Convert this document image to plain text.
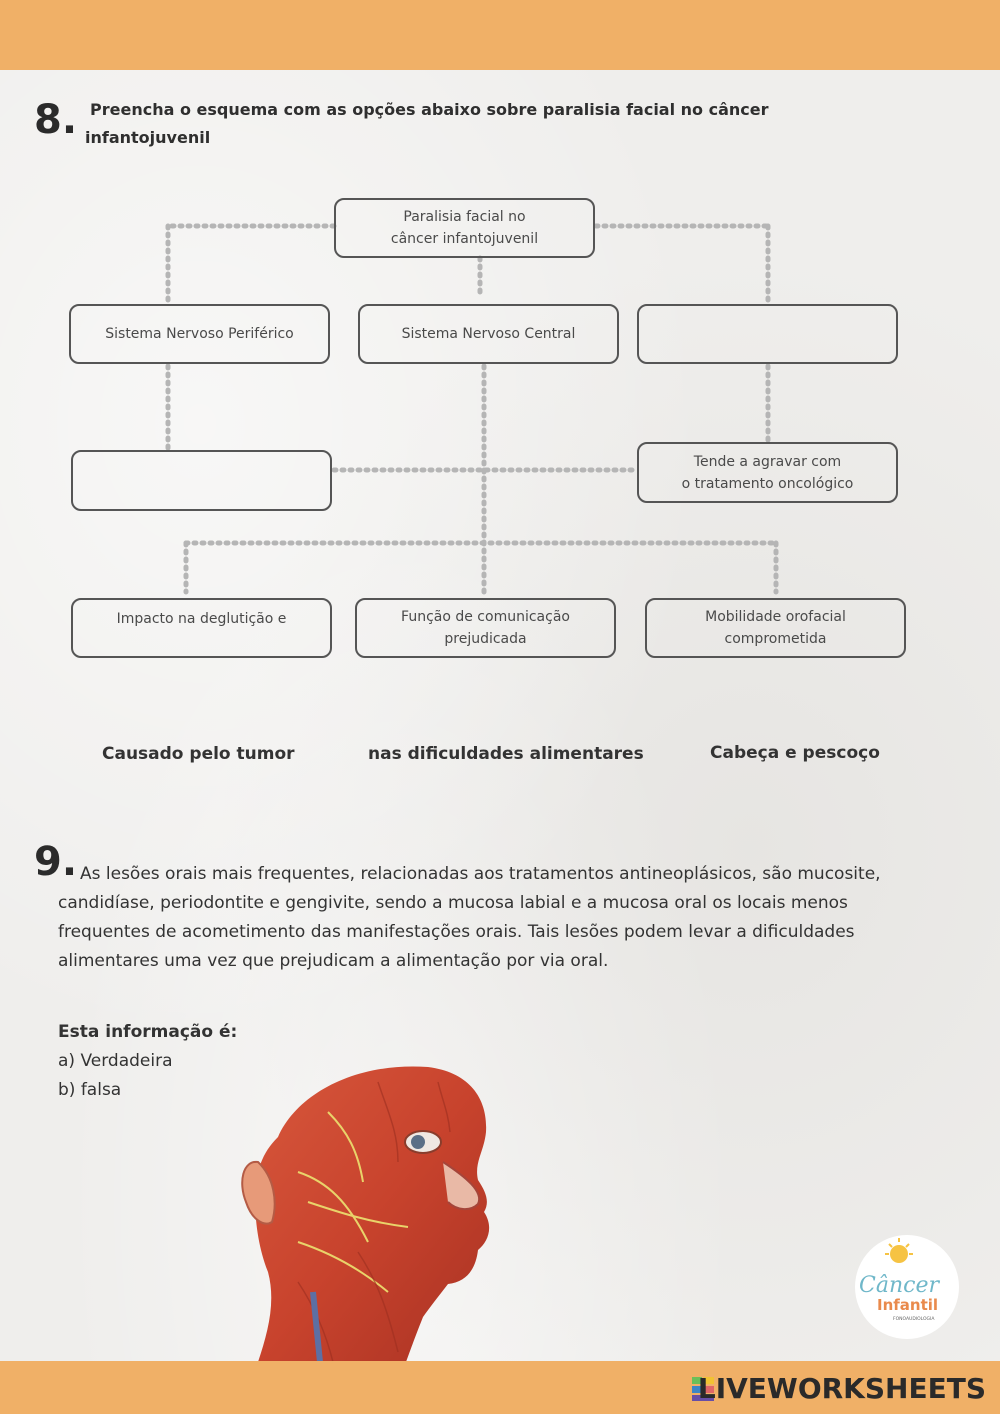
8. Preencha o esquema com as opções abaixo sobre paralisia facial no câncer
infantojuvenil
Paralisia facial no
câncer infantojuvenil
Sistema Nervoso Periférico	Sistema Nervoso Central
Tende a agravar com
o tratamento oncológico
Impacto na deglutição e	Função de comunicação
prejudicada
Mobilidade orofacial
comprometida
Causado pelo tumor	nas dificuldades alimentares	Cabeça e pescoço
9. As lesões orais mais frequentes, relacionadas aos tratamentos antineoplásicos, são mucosite, candidíase, periodontite e gengivite, sendo a mucosa labial e a mucosa oral os locais menos frequentes de acometimento das manifestações orais. Tais lesões podem levar a dificuldades alimentares uma vez que prejudicam a alimentação por via oral.
Esta informação é:
a) Verdadeira
b) falsa
Câncer
Infantil
FONOAUDIOLOGIA
LIVEWORKSHEETS
